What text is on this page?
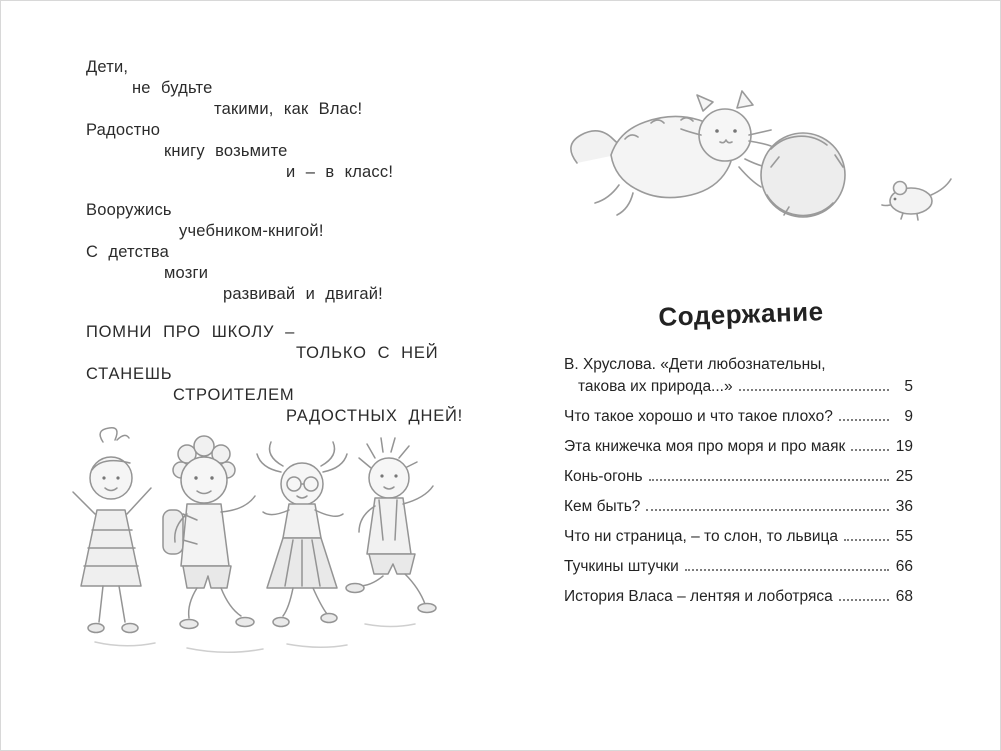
Дети,
не будьте
такими, как Влас!
Радостно
книгу возьмите
и – в класс!
Вооружись
учебником-книгой!
С детства
мозги
развивай и двигай!
ПОМНИ ПРО ШКОЛУ –
ТОЛЬКО С НЕЙ
СТАНЕШЬ
СТРОИТЕЛЕМ
РАДОСТНЫХ ДНЕЙ!
Содержание
В. Хруслова. «Дети любознательны,
такова их природа...»	5
Что такое хорошо и что такое плохо?	9
Эта книжечка моя про моря и про маяк	19
Конь-огонь	25
Кем быть?	36
Что ни страница, – то слон, то львица	55
Тучкины штучки	66
История Власа – лентяя и лоботряса	68
